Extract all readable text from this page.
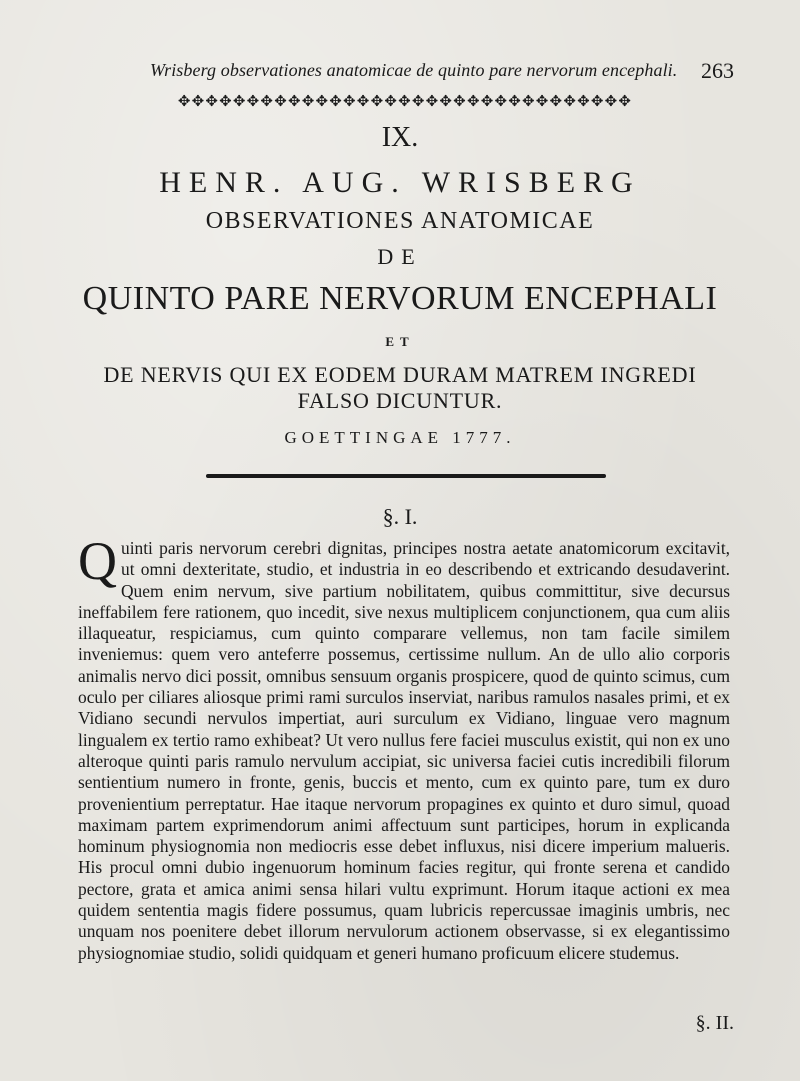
Wrisberg observationes anatomicae de quinto pare nervorum encephali. 263
✥✥✥✥✥✥✥✥✥✥✥✥✥✥✥✥✥✥✥✥✥✥✥✥✥✥✥✥✥✥✥✥✥
IX.
HENR. AUG. WRISBERG
OBSERVATIONES ANATOMICAE
DE
QUINTO PARE NERVORUM ENCEPHALI
ET
DE NERVIS QUI EX EODEM DURAM MATREM INGREDI
FALSO DICUNTUR.
GOETTINGAE 1777.
§. I.
Quinti paris nervorum cerebri dignitas, principes nostra aetate anatomicorum excitavit, ut omni dexteritate, studio, et industria in eo describendo et extricando desudaverint. Quem enim nervum, sive partium nobilitatem, quibus committitur, sive decursus ineffabilem fere rationem, quo incedit, sive nexus multiplicem conjunctionem, qua cum aliis illaqueatur, respiciamus, cum quinto comparare vellemus, non tam facile similem inveniemus: quem vero anteferre possemus, certissime nullum. An de ullo alio corporis animalis nervo dici possit, omnibus sensuum organis prospicere, quod de quinto scimus, cum oculo per ciliares aliosque primi rami surculos inserviat, naribus ramulos nasales primi, et ex Vidiano secundi nervulos impertiat, auri surculum ex Vidiano, linguae vero magnum lingualem ex tertio ramo exhibeat? Ut vero nullus fere faciei musculus existit, qui non ex uno alteroque quinti paris ramulo nervulum accipiat, sic universa faciei cutis incredibili filorum sentientium numero in fronte, genis, buccis et mento, cum ex quinto pare, tum ex duro provenientium perreptatur. Hae itaque nervorum propagines ex quinto et duro simul, quoad maximam partem exprimendorum animi affectuum sunt participes, horum in explicanda hominum physiognomia non mediocris esse debet influxus, nisi dicere imperium malueris. His procul omni dubio ingenuorum hominum facies regitur, qui fronte serena et candido pectore, grata et amica animi sensa hilari vultu exprimunt. Horum itaque actioni ex mea quidem sententia magis fidere possumus, quam lubricis repercussae imaginis umbris, nec unquam nos poenitere debet illorum nervulorum actionem observasse, si ex elegantissimo physiognomiae studio, solidi quidquam et generi humano proficuum elicere studemus.
§. II.
